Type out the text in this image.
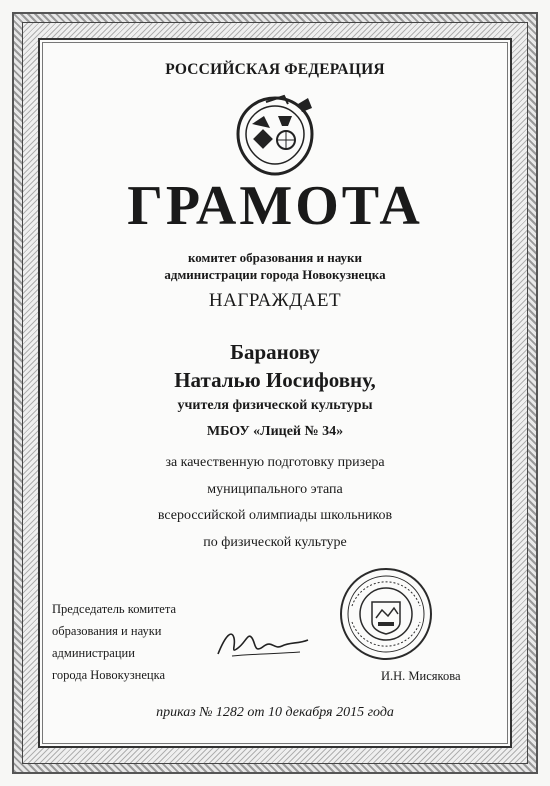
РОССИЙСКАЯ ФЕДЕРАЦИЯ
ГРАМОТА
комитет образования и науки
администрации города Новокузнецка
НАГРАЖДАЕТ
Баранову
Наталью Иосифовну,
учителя физической культуры
МБОУ «Лицей № 34»
за качественную подготовку призера
муниципального этапа
всероссийской олимпиады школьников
по физической культуре
Председатель комитета
образования и науки
администрации
города Новокузнецка	И.Н. Мисякова
приказ № 1282 от 10 декабря 2015 года
